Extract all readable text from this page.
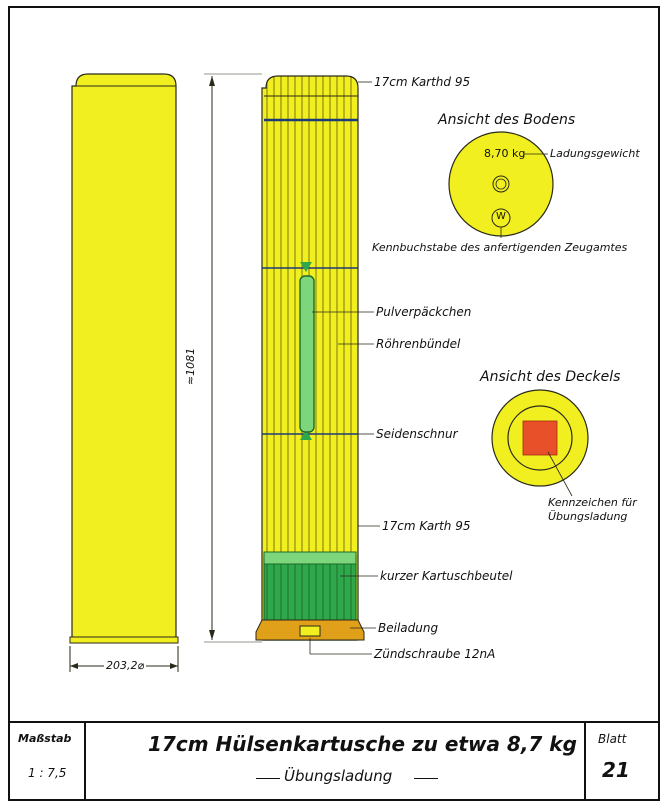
≈1081
203,2⌀
17cm Karthd 95
Pulverpäckchen
Röhrenbündel
Seidenschnur
17cm Karth 95
kurzer Kartuschbeutel
Beiladung
Zündschraube 12nA
Ansicht des Bodens
8,70 kg Ladungsgewicht
W
Kennbuchstabe des anfertigenden Zeugamtes
Ansicht des Deckels
Kennzeichen für
Übungsladung
Maßstab
1 : 7,5
17cm Hülsenkartusche zu etwa 8,7 kg
Übungsladung
Blatt
21
